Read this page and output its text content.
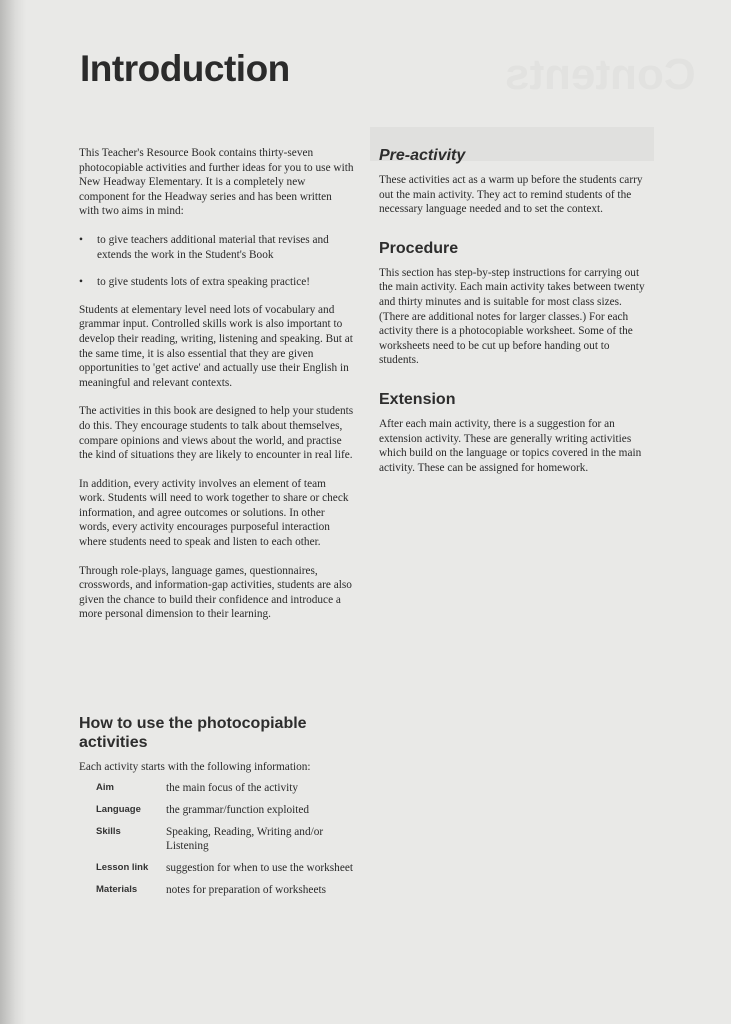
Contents
Introduction

This Teacher's Resource Book contains thirty-seven photocopiable activities and further ideas for you to use with New Headway Elementary. It is a completely new component for the Headway series and has been written with two aims in mind:

• to give teachers additional material that revises and extends the work in the Student's Book
• to give students lots of extra speaking practice!

Students at elementary level need lots of vocabulary and grammar input. Controlled skills work is also important to develop their reading, writing, listening and speaking. But at the same time, it is also essential that they are given opportunities to 'get active' and actually use their English in meaningful and relevant contexts.

The activities in this book are designed to help your students do this. They encourage students to talk about themselves, compare opinions and views about the world, and practise the kind of situations they are likely to encounter in real life.

In addition, every activity involves an element of team work. Students will need to work together to share or check information, and agree outcomes or solutions. In other words, every activity encourages purposeful interaction where students need to speak and listen to each other.

Through role-plays, language games, questionnaires, crosswords, and information-gap activities, students are also given the chance to build their confidence and introduce a more personal dimension to their learning.

How to use the photocopiable activities
Each activity starts with the following information:
Aim	the main focus of the activity
Language	the grammar/function exploited
Skills	Speaking, Reading, Writing and/or Listening
Lesson link	suggestion for when to use the worksheet
Materials	notes for preparation of worksheets
Pre-activity

These activities act as a warm up before the students carry out the main activity. They act to remind students of the necessary language needed and to set the context.

Procedure

This section has step-by-step instructions for carrying out the main activity. Each main activity takes between twenty and thirty minutes and is suitable for most class sizes. (There are additional notes for larger classes.) For each activity there is a photocopiable worksheet. Some of the worksheets need to be cut up before handing out to students.

Extension

After each main activity, there is a suggestion for an extension activity. These are generally writing activities which build on the language or topics covered in the main activity. These can be assigned for homework.
